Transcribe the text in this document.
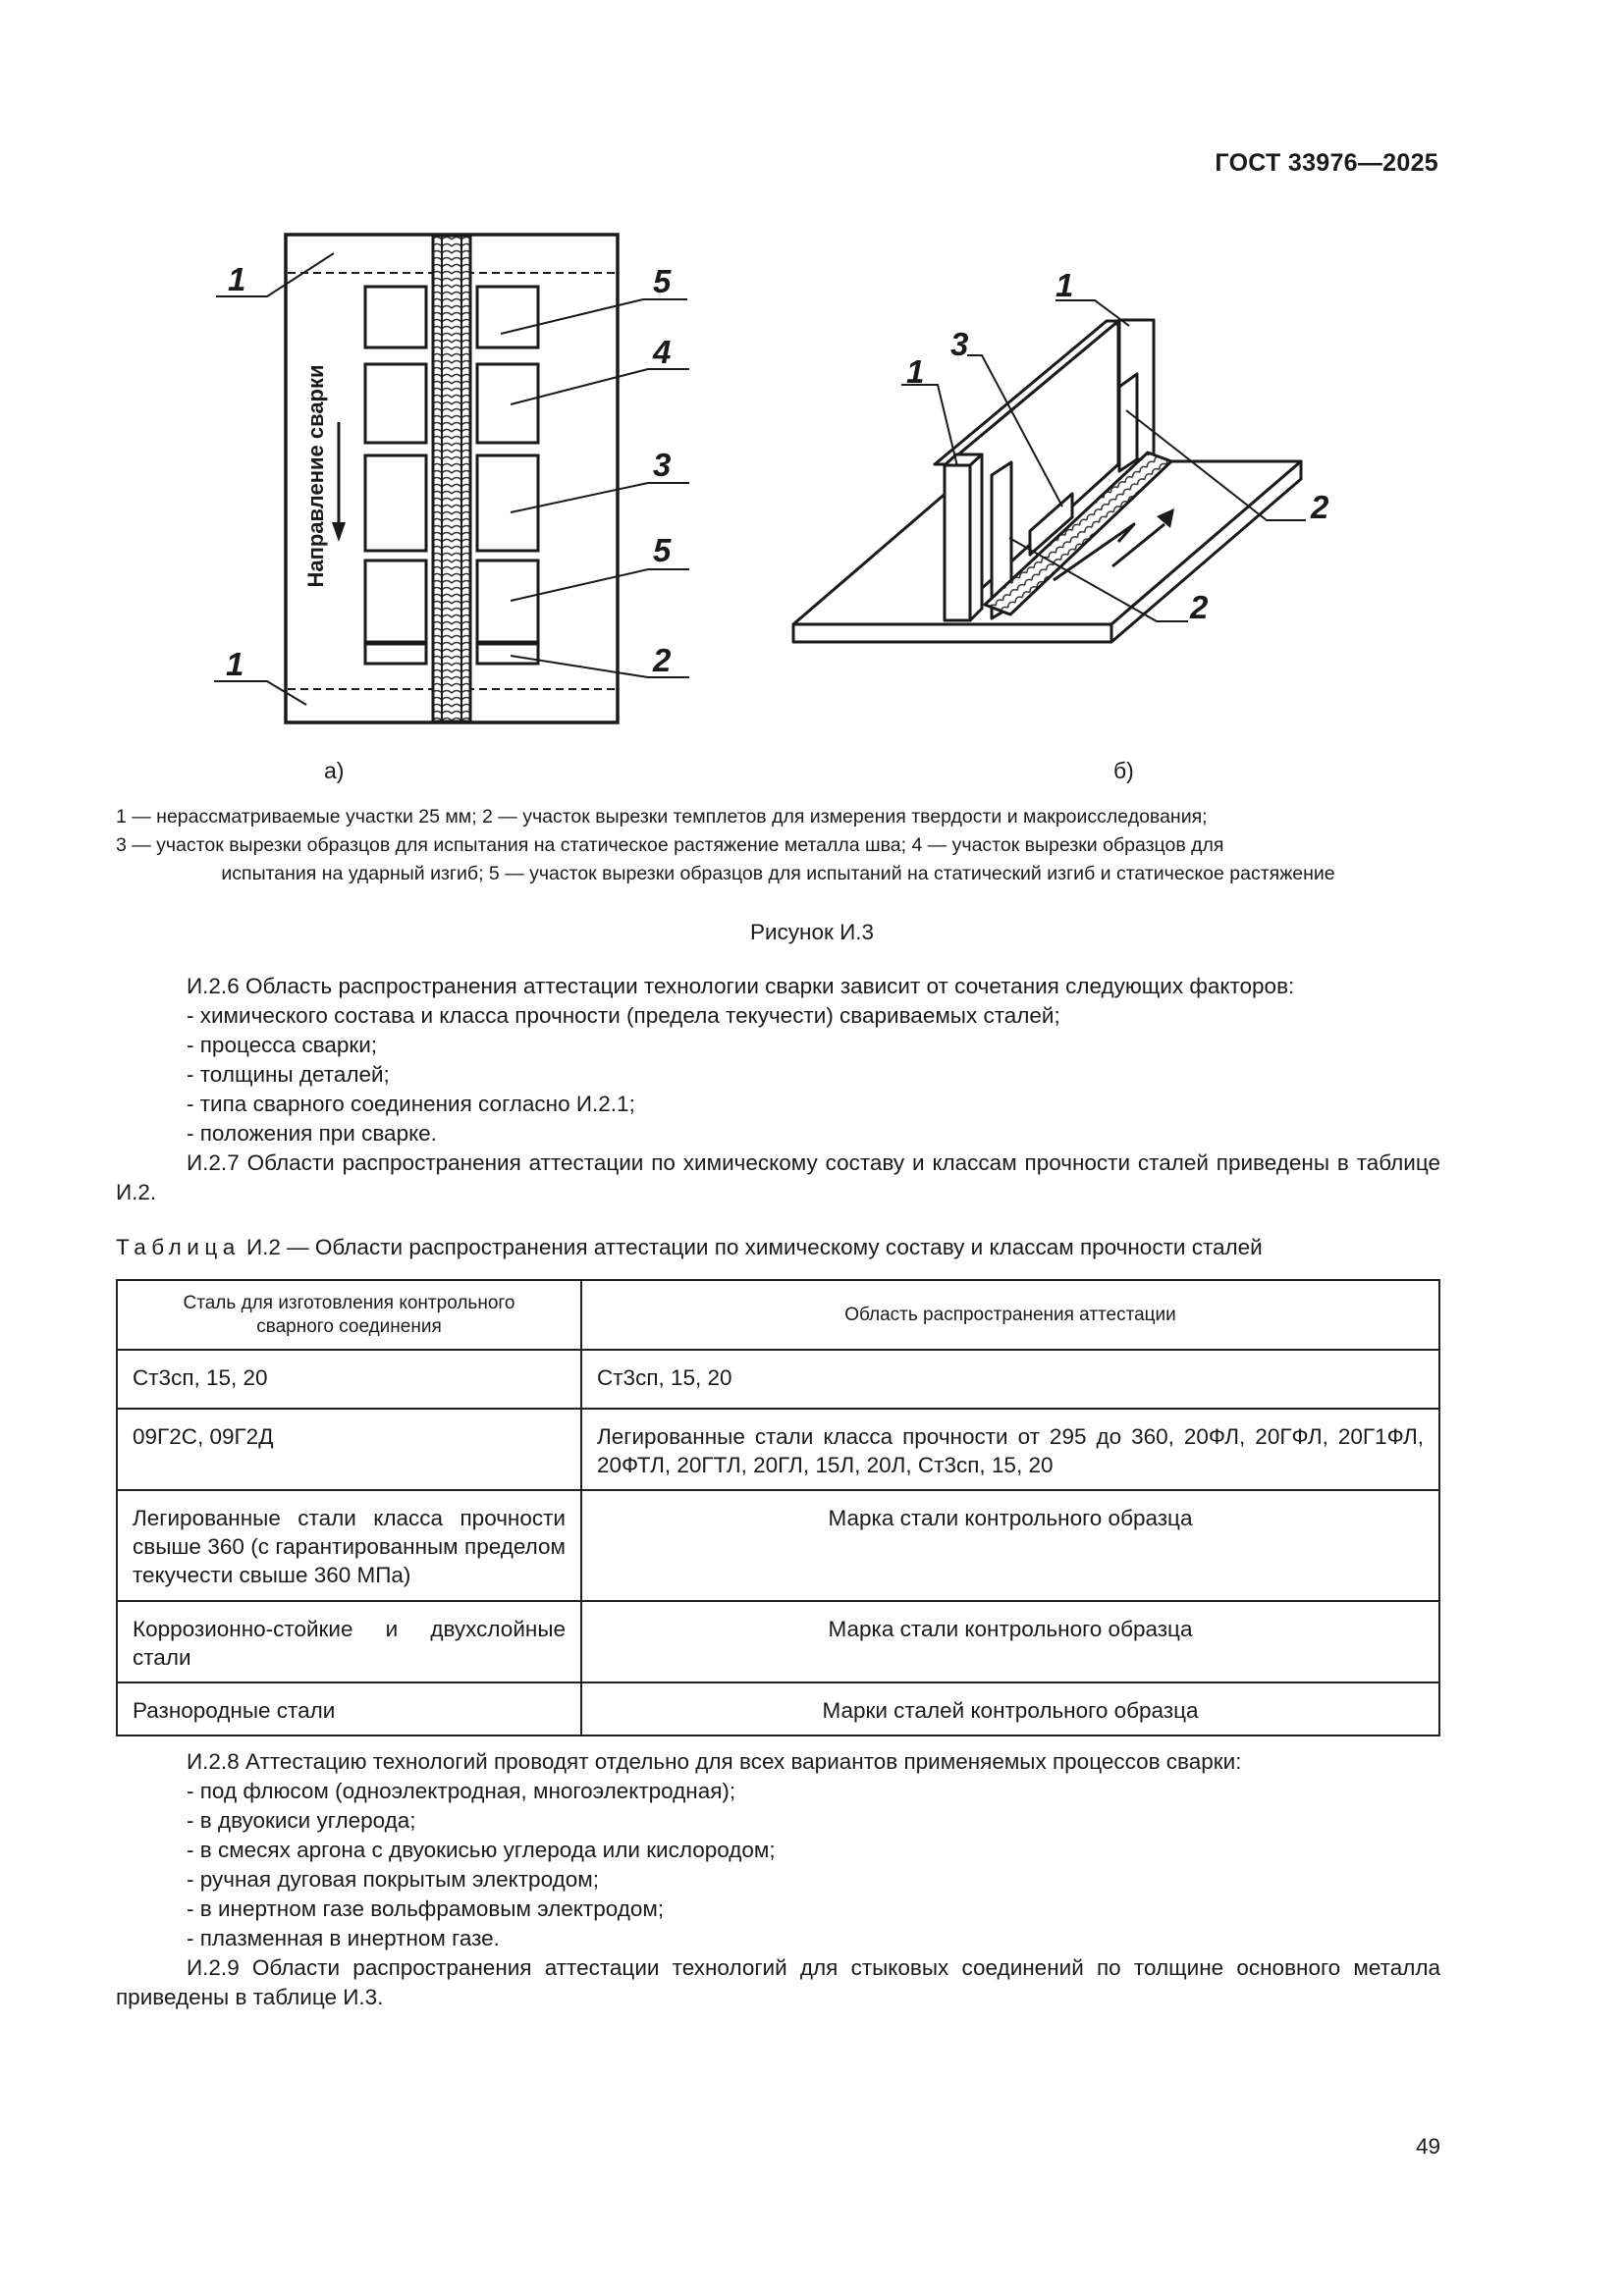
ГОСТ 33976—2025
1
1
5
4
3
5
2
Направление сварки
а)
1
1
3
2
2
б)
1 — нерассматриваемые участки 25 мм; 2 — участок вырезки темплетов для измерения твердости и макроисследования;
3 — участок вырезки образцов для испытания на статическое растяжение металла шва; 4 — участок вырезки образцов для
испытания на ударный изгиб; 5 — участок вырезки образцов для испытаний на статический изгиб и статическое растяжение
Рисунок И.3

И.2.6 Область распространения аттестации технологии сварки зависит от сочетания следующих факторов:

- химического состава и класса прочности (предела текучести) свариваемых сталей;

- процесса сварки;

- толщины деталей;

- типа сварного соединения согласно И.2.1;

- положения при сварке.

И.2.7 Области распространения аттестации по химическому составу и классам прочности сталей приведены в таблице И.2.

Таблица И.2 — Области распространения аттестации по химическому составу и классам прочности сталей
Сталь для изготовления контрольного сварного соединения	Область распространения аттестации

Ст3сп, 15, 20	Ст3сп, 15, 20

09Г2С, 09Г2Д	Легированные стали класса прочности от 295 до 360, 20ФЛ, 20ГФЛ, 20Г1ФЛ, 20ФТЛ, 20ГТЛ, 20ГЛ, 15Л, 20Л, Ст3сп, 15, 20

Легированные стали класса прочности свыше 360 (с гарантированным пределом текучести свыше 360 МПа)	Марка стали контрольного образца

Коррозионно-стойкие и двухслойные стали	Марка стали контрольного образца

Разнородные стали	Марки сталей контрольного образца

И.2.8 Аттестацию технологий проводят отдельно для всех вариантов применяемых процессов сварки:

- под флюсом (одноэлектродная, многоэлектродная);

- в двуокиси углерода;

- в смесях аргона с двуокисью углерода или кислородом;

- ручная дуговая покрытым электродом;

- в инертном газе вольфрамовым электродом;

- плазменная в инертном газе.

И.2.9 Области распространения аттестации технологий для стыковых соединений по толщине основного металла приведены в таблице И.3.

49
